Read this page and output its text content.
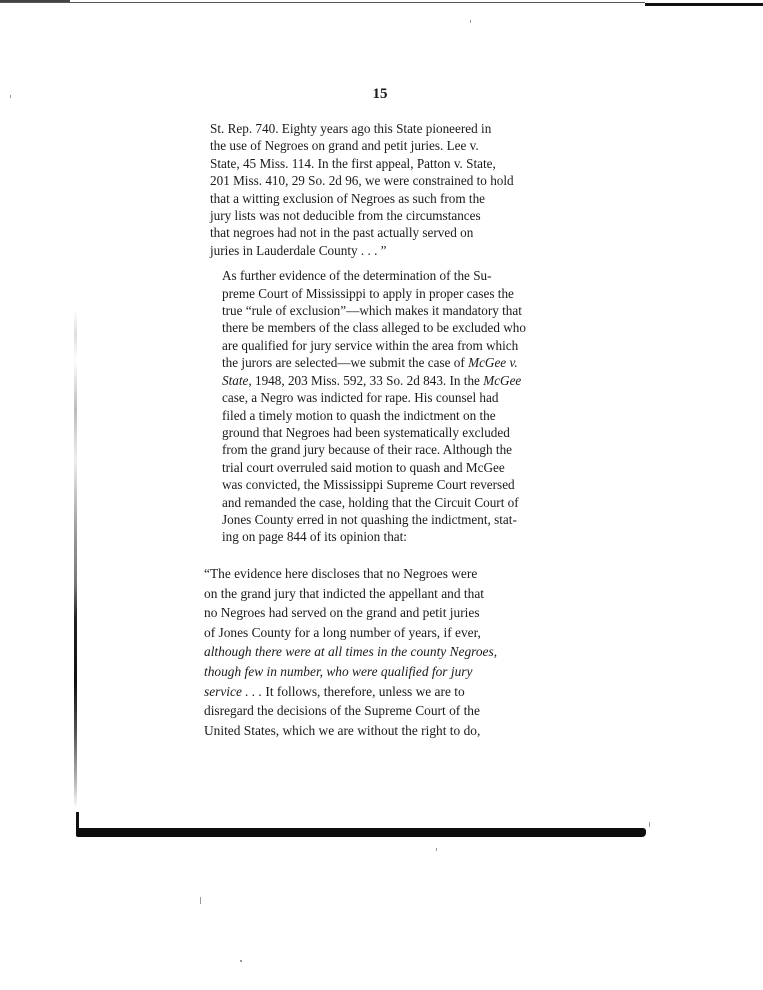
15

St. Rep. 740. Eighty years ago this State pioneered in
the use of Negroes on grand and petit juries. Lee v.
State, 45 Miss. 114. In the first appeal, Patton v. State,
201 Miss. 410, 29 So. 2d 96, we were constrained to hold
that a witting exclusion of Negroes as such from the
jury lists was not deducible from the circumstances
that negroes had not in the past actually served on
juries in Lauderdale County . . . ”

As further evidence of the determination of the Su-
preme Court of Mississippi to apply in proper cases the
true “rule of exclusion”—which makes it mandatory that
there be members of the class alleged to be excluded who
are qualified for jury service within the area from which
the jurors are selected—we submit the case of McGee v.
State, 1948, 203 Miss. 592, 33 So. 2d 843. In the McGee
case, a Negro was indicted for rape. His counsel had
filed a timely motion to quash the indictment on the
ground that Negroes had been systematically excluded
from the grand jury because of their race. Although the
trial court overruled said motion to quash and McGee
was convicted, the Mississippi Supreme Court reversed
and remanded the case, holding that the Circuit Court of
Jones County erred in not quashing the indictment, stat-
ing on page 844 of its opinion that:

“The evidence here discloses that no Negroes were
on the grand jury that indicted the appellant and that
no Negroes had served on the grand and petit juries
of Jones County for a long number of years, if ever,
although there were at all times in the county Negroes,
though few in number, who were qualified for jury
service . . . It follows, therefore, unless we are to
disregard the decisions of the Supreme Court of the
United States, which we are without the right to do,
